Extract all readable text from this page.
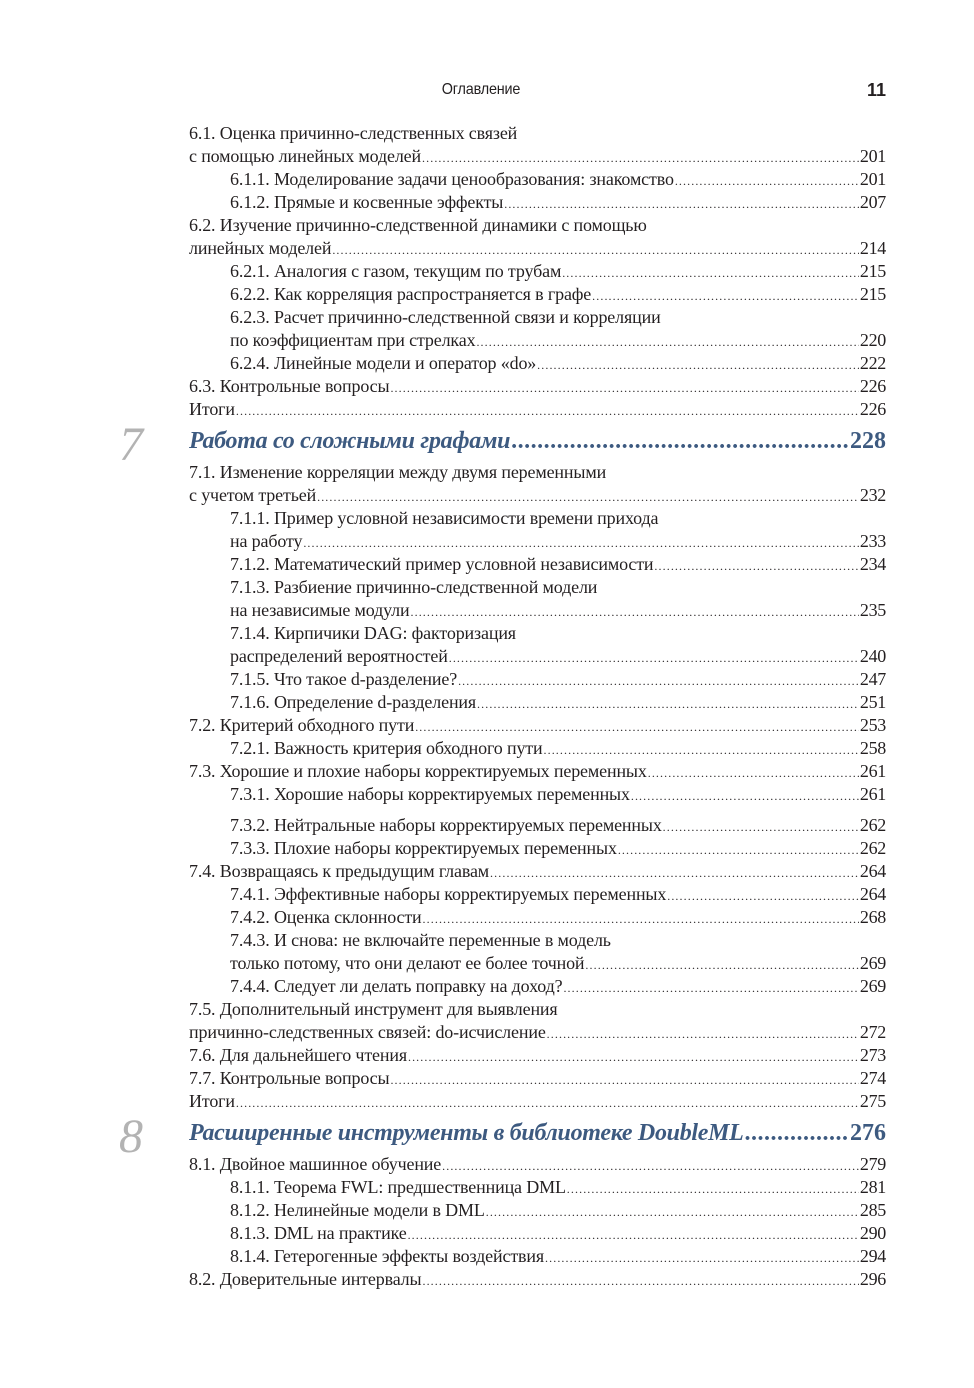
Оглавление	11
6.1. Оценка причинно-следственных связей
с помощью линейных моделей .....	201
6.1.1. Моделирование задачи ценообразования: знакомство .....	201
6.1.2. Прямые и косвенные эффекты .....	207
6.2. Изучение причинно-следственной динамики с помощью
линейных моделей .....	214
6.2.1. Аналогия с газом, текущим по трубам .....	215
6.2.2. Как корреляция распространяется в графе .....	215
6.2.3. Расчет причинно-следственной связи и корреляции
по коэффициентам при стрелках .....	220
6.2.4. Линейные модели и оператор «do» .....	222
6.3. Контрольные вопросы .....	226
Итоги .....	226
7 Работа со сложными графами .....	228
7.1. Изменение корреляции между двумя переменными
с учетом третьей .....	232
7.1.1. Пример условной независимости времени прихода
на работу .....	233
7.1.2. Математический пример условной независимости .....	234
7.1.3. Разбиение причинно-следственной модели
на независимые модули .....	235
7.1.4. Кирпичики DAG: факторизация
распределений вероятностей .....	240
7.1.5. Что такое d-разделение? .....	247
7.1.6. Определение d-разделения .....	251
7.2. Критерий обходного пути .....	253
7.2.1. Важность критерия обходного пути .....	258
7.3. Хорошие и плохие наборы корректируемых переменных .....	261
7.3.1. Хорошие наборы корректируемых переменных .....	261
7.3.2. Нейтральные наборы корректируемых переменных .....	262
7.3.3. Плохие наборы корректируемых переменных .....	262
7.4. Возвращаясь к предыдущим главам .....	264
7.4.1. Эффективные наборы корректируемых переменных .....	264
7.4.2. Оценка склонности .....	268
7.4.3. И снова: не включайте переменные в модель
только потому, что они делают ее более точной .....	269
7.4.4. Следует ли делать поправку на доход? .....	269
7.5. Дополнительный инструмент для выявления
причинно-следственных связей: do-исчисление .....	272
7.6. Для дальнейшего чтения .....	273
7.7. Контрольные вопросы .....	274
Итоги .....	275
8 Расширенные инструменты в библиотеке DoubleML .....	276
8.1. Двойное машинное обучение .....	279
8.1.1. Теорема FWL: предшественница DML .....	281
8.1.2. Нелинейные модели в DML .....	285
8.1.3. DML на практике .....	290
8.1.4. Гетерогенные эффекты воздействия .....	294
8.2. Доверительные интервалы .....	296
